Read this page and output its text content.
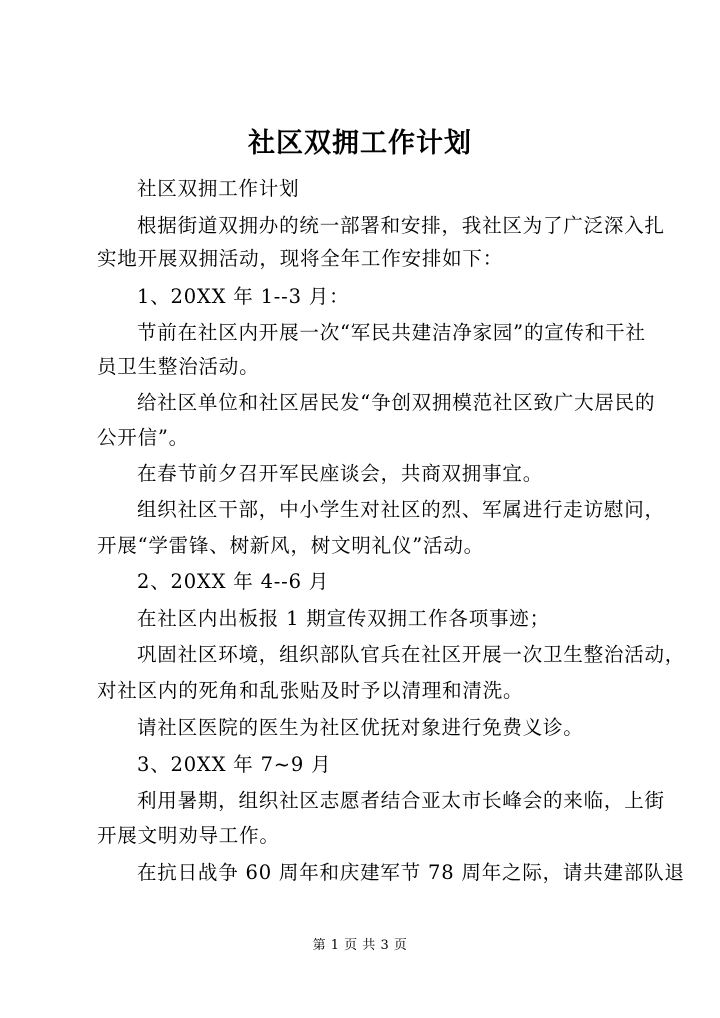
社区双拥工作计划
社区双拥工作计划
根据街道双拥办的统一部署和安排，我社区为了广泛深入扎
实地开展双拥活动，现将全年工作安排如下：
1、20XX 年 1--3 月：
节前在社区内开展一次“军民共建洁净家园”的宣传和干社
员卫生整治活动。
给社区单位和社区居民发“争创双拥模范社区致广大居民的
公开信”。
在春节前夕召开军民座谈会，共商双拥事宜。
组织社区干部，中小学生对社区的烈、军属进行走访慰问，
开展“学雷锋、树新风，树文明礼仪”活动。
2、20XX 年 4--6 月
在社区内出板报 1 期宣传双拥工作各项事迹；
巩固社区环境，组织部队官兵在社区开展一次卫生整治活动，
对社区内的死角和乱张贴及时予以清理和清洗。
请社区医院的医生为社区优抚对象进行免费义诊。
3、20XX 年 7~9 月
利用暑期，组织社区志愿者结合亚太市长峰会的来临，上街
开展文明劝导工作。
在抗日战争 60 周年和庆建军节 78 周年之际，请共建部队退
第 1 页 共 3 页
